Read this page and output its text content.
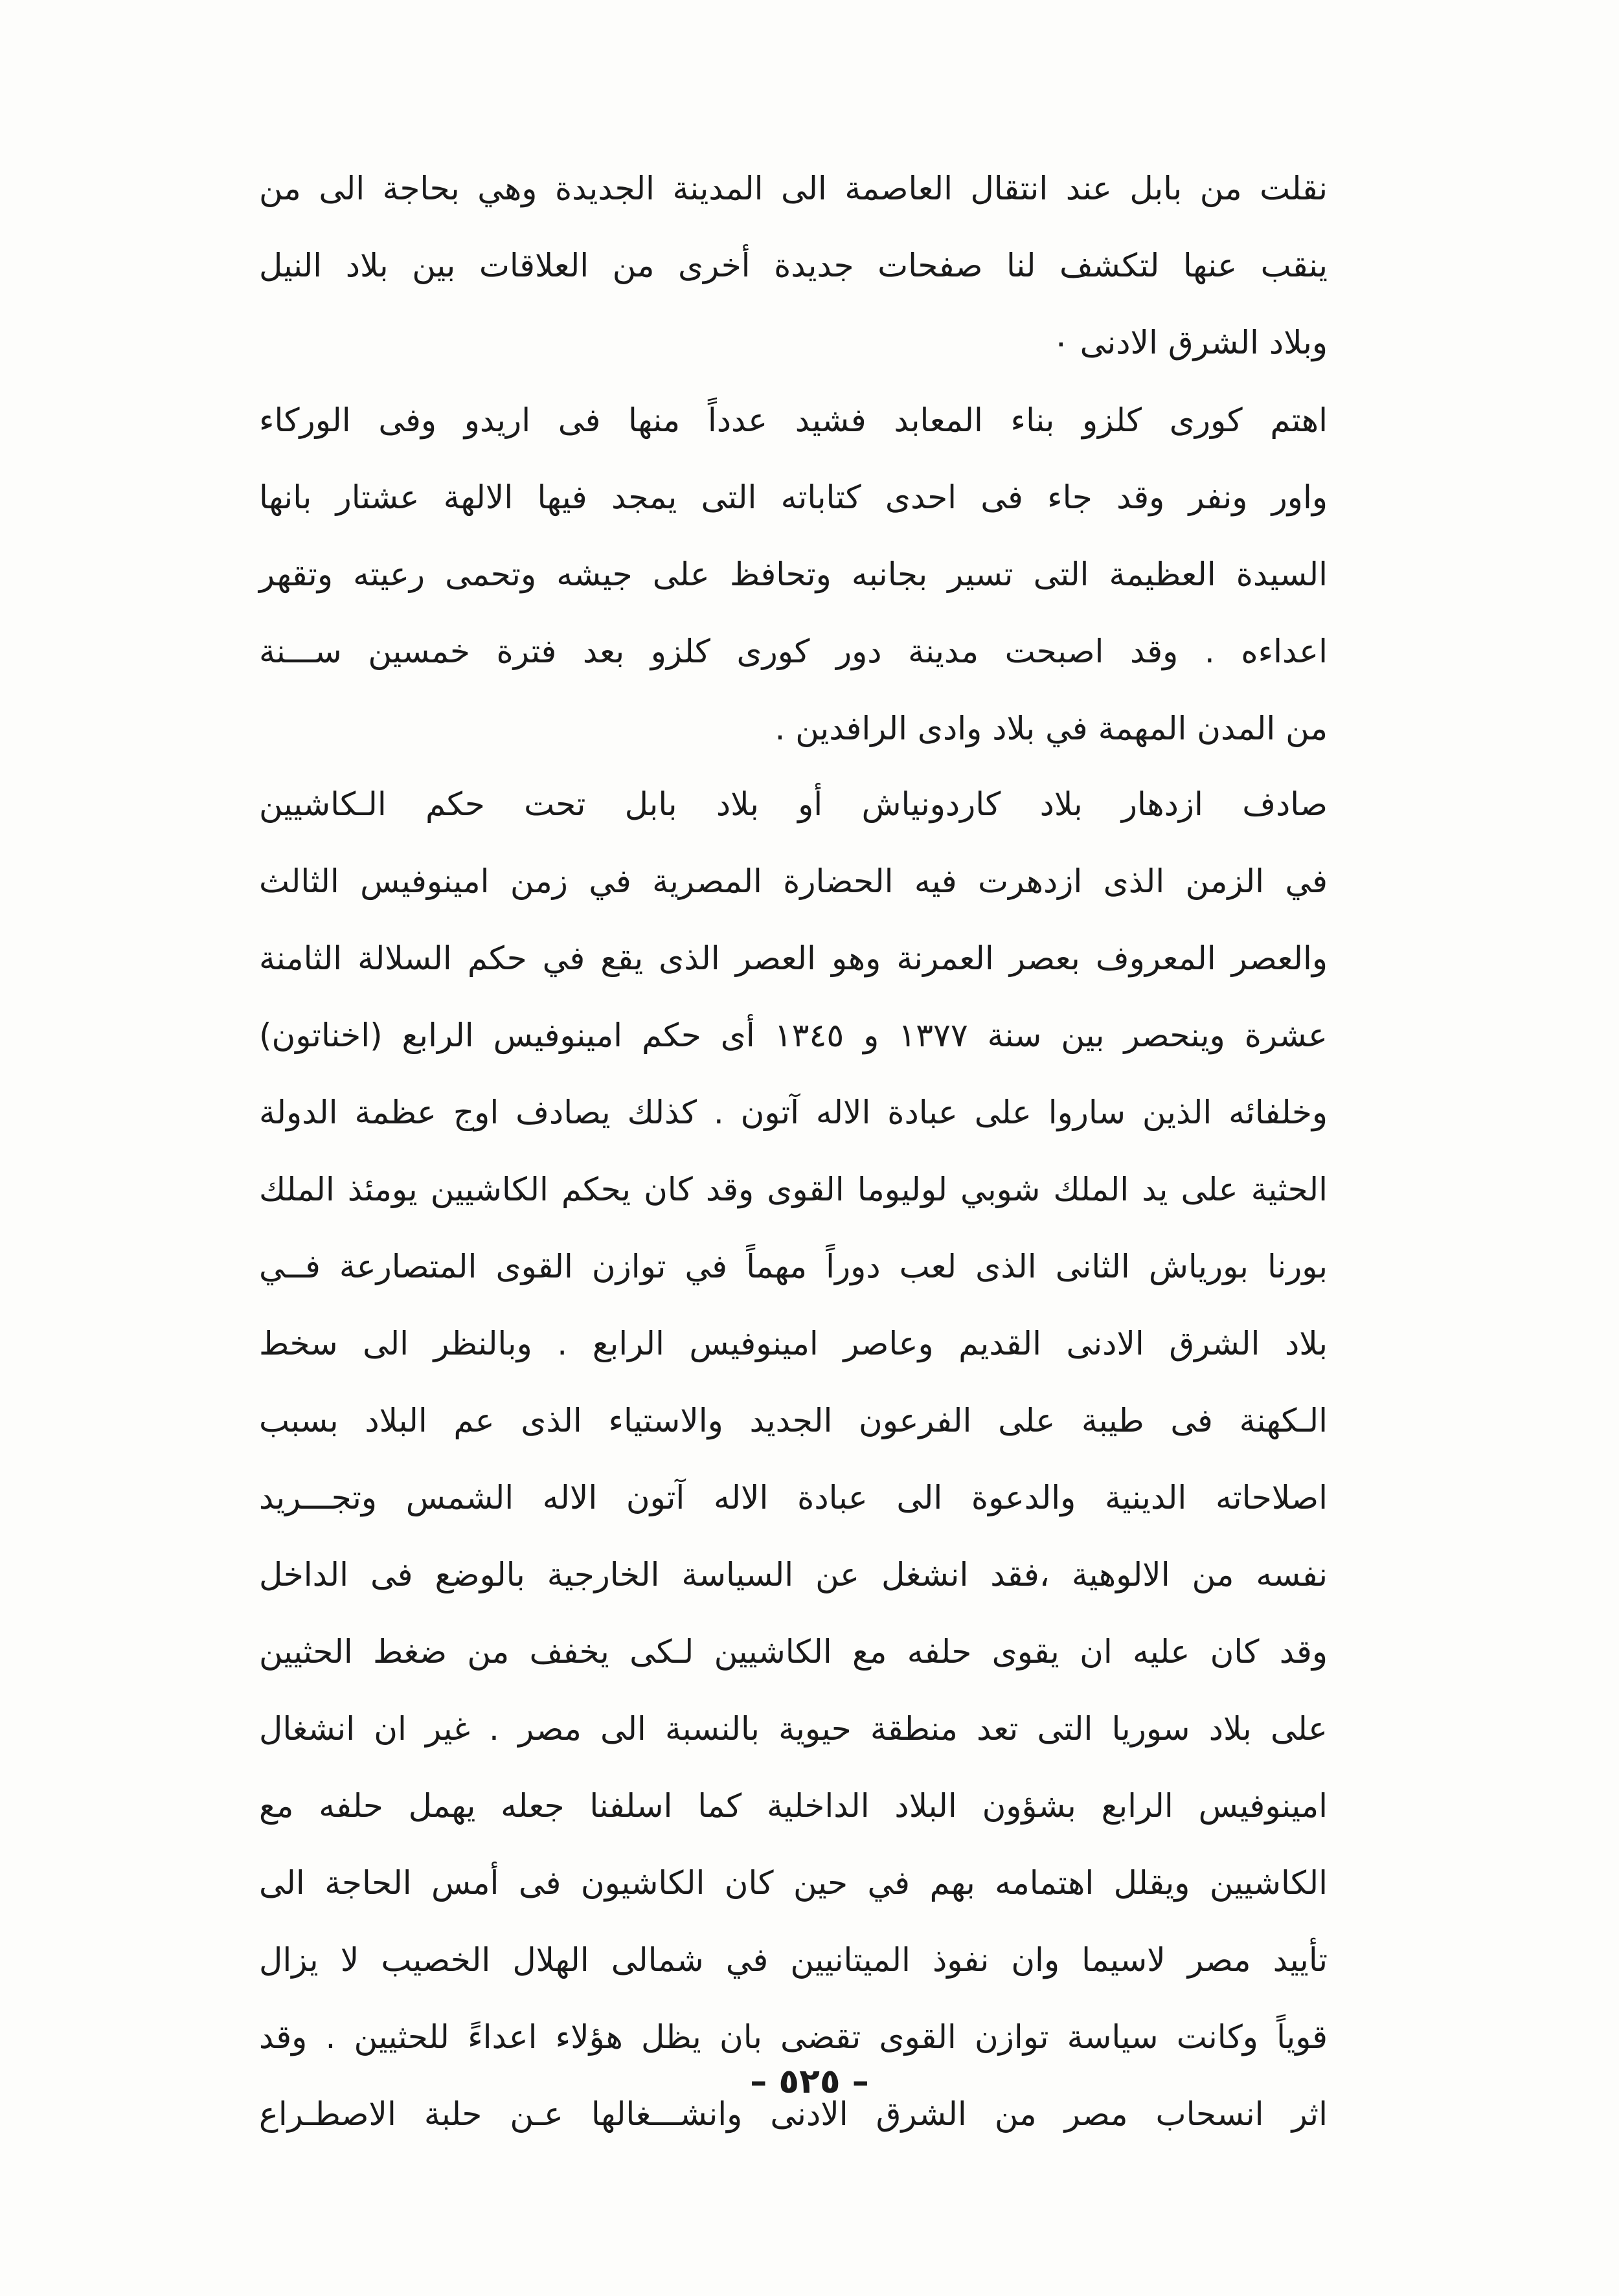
نقلت من بابل عند انتقال العاصمة الى المدينة الجديدة وهي بحاجة الى من
ينقب عنها لتكشف لنا صفحات جديدة أخرى من العلاقات بين بلاد النيل
وبلاد الشرق الادنى ٠
اهتم كورى كلزو بناء المعابد فشيد عدداً منها فى اريدو وفى الوركاء
واور ونفر وقد جاء فى احدى كتاباته التى يمجد فيها الالهة عشتار بانها
السيدة العظيمة التى تسير بجانبه وتحافظ على جيشه وتحمى رعيته وتقهر
اعداءه . وقد اصبحت مدينة دور كورى كلزو بعد فترة خمسين ســـنة
من المدن المهمة في بلاد وادى الرافدين .
صادف ازدهار بلاد كاردونياش أو بلاد بابل تحت حكم الـكاشيين
في الزمن الذى ازدهرت فيه الحضارة المصرية في زمن امينوفيس الثالث
والعصر المعروف بعصر العمرنة وهو العصر الذى يقع في حكم السلالة الثامنة
عشرة وينحصر بين سنة ١٣٧٧ و ١٣٤٥ أى حكم امينوفيس الرابع (اخناتون)
وخلفائه الذين ساروا على عبادة الاله آتون . كذلك يصادف اوج عظمة الدولة
الحثية على يد الملك شوبي لوليوما القوى وقد كان يحكم الكاشيين يومئذ الملك
بورنا بورياش الثانى الذى لعب دوراً مهماً في توازن القوى المتصارعة فــي
بلاد الشرق الادنى القديم وعاصر امينوفيس الرابع . وبالنظر الى سخط
الـكهنة فى طيبة على الفرعون الجديد والاستياء الذى عم البلاد بسبب
اصلاحاته الدينية والدعوة الى عبادة الاله آتون الاله الشمس وتجـــريد
نفسه من الالوهية ،فقد انشغل عن السياسة الخارجية بالوضع فى الداخل
وقد كان عليه ان يقوى حلفه مع الكاشيين لـكى يخفف من ضغط الحثيين
على بلاد سوريا التى تعد منطقة حيوية بالنسبة الى مصر . غير ان انشغال
امينوفيس الرابع بشؤون البلاد الداخلية كما اسلفنا جعله يهمل حلفه مع
الكاشيين ويقلل اهتمامه بهم في حين كان الكاشيون فى أمس الحاجة الى
تأييد مصر لاسيما وان نفوذ الميتانيين في شمالى الهلال الخصيب لا يزال
قوياً وكانت سياسة توازن القوى تقضى بان يظل هؤلاء اعداءً للحثيين . وقد
اثر انسحاب مصر من الشرق الادنى وانشـــغالها عـن حلبة الاصطـراع
– ٥٢٥ –
